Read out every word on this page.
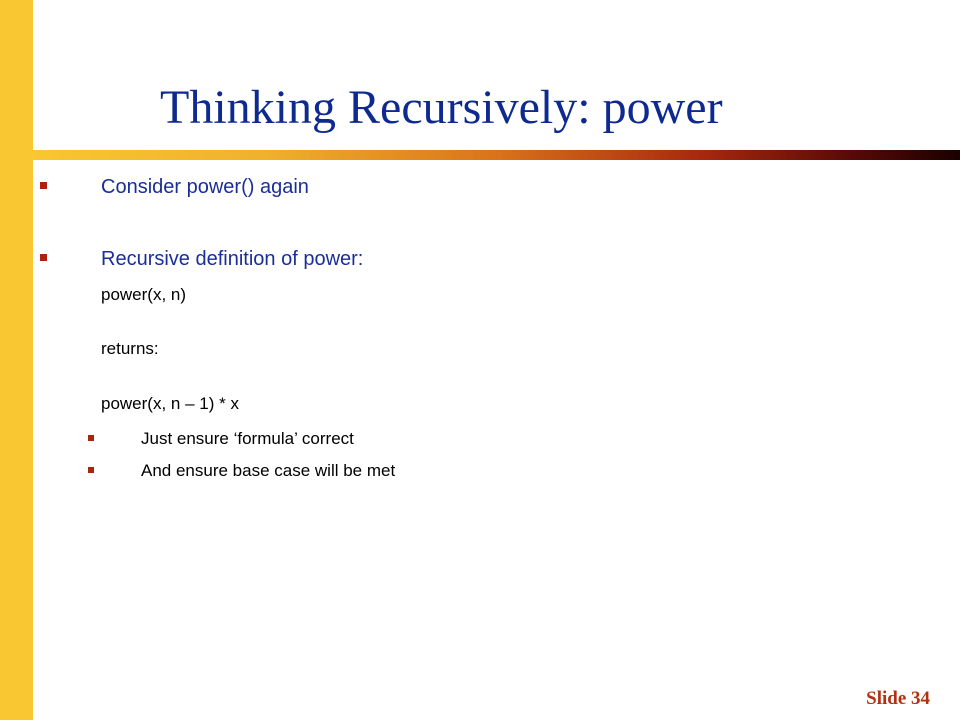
Thinking Recursively: power

Consider power() again

Recursive definition of power:

power(x, n)

returns:

power(x, n – 1) * x

Just ensure ‘formula’ correct

And ensure base case will be met

Slide 34
